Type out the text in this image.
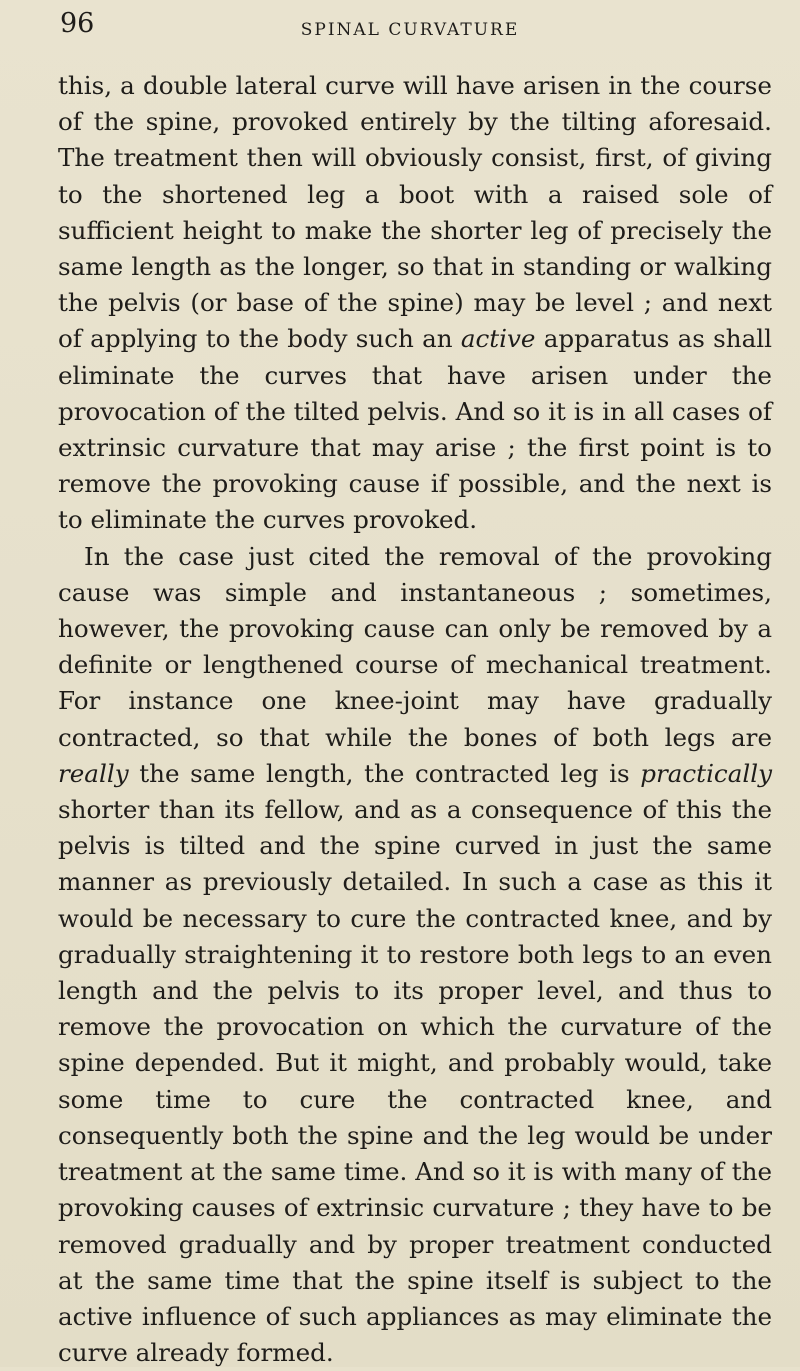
96	SPINAL CURVATURE

this, a double lateral curve will have arisen in the course of the spine, provoked entirely by the tilting aforesaid. The treatment then will obviously consist, first, of giving to the shortened leg a boot with a raised sole of sufficient height to make the shorter leg of precisely the same length as the longer, so that in standing or walking the pelvis (or base of the spine) may be level ; and next of applying to the body such an active apparatus as shall eliminate the curves that have arisen under the provocation of the tilted pelvis. And so it is in all cases of extrinsic curvature that may arise ; the first point is to remove the provoking cause if possible, and the next is to eliminate the curves provoked.

In the case just cited the removal of the provoking cause was simple and instantaneous ; sometimes, however, the provoking cause can only be removed by a definite or lengthened course of mechanical treatment. For instance one knee-joint may have gradually contracted, so that while the bones of both legs are really the same length, the contracted leg is practically shorter than its fellow, and as a consequence of this the pelvis is tilted and the spine curved in just the same manner as previously detailed. In such a case as this it would be necessary to cure the contracted knee, and by gradually straightening it to restore both legs to an even length and the pelvis to its proper level, and thus to remove the provocation on which the curvature of the spine depended. But it might, and probably would, take some time to cure the contracted knee, and consequently both the spine and the leg would be under treatment at the same time. And so it is with many of the provoking causes of extrinsic curvature ; they have to be removed gradually and by proper treatment conducted at the same time that the spine itself is subject to the active influence of such appliances as may eliminate the curve already formed.
